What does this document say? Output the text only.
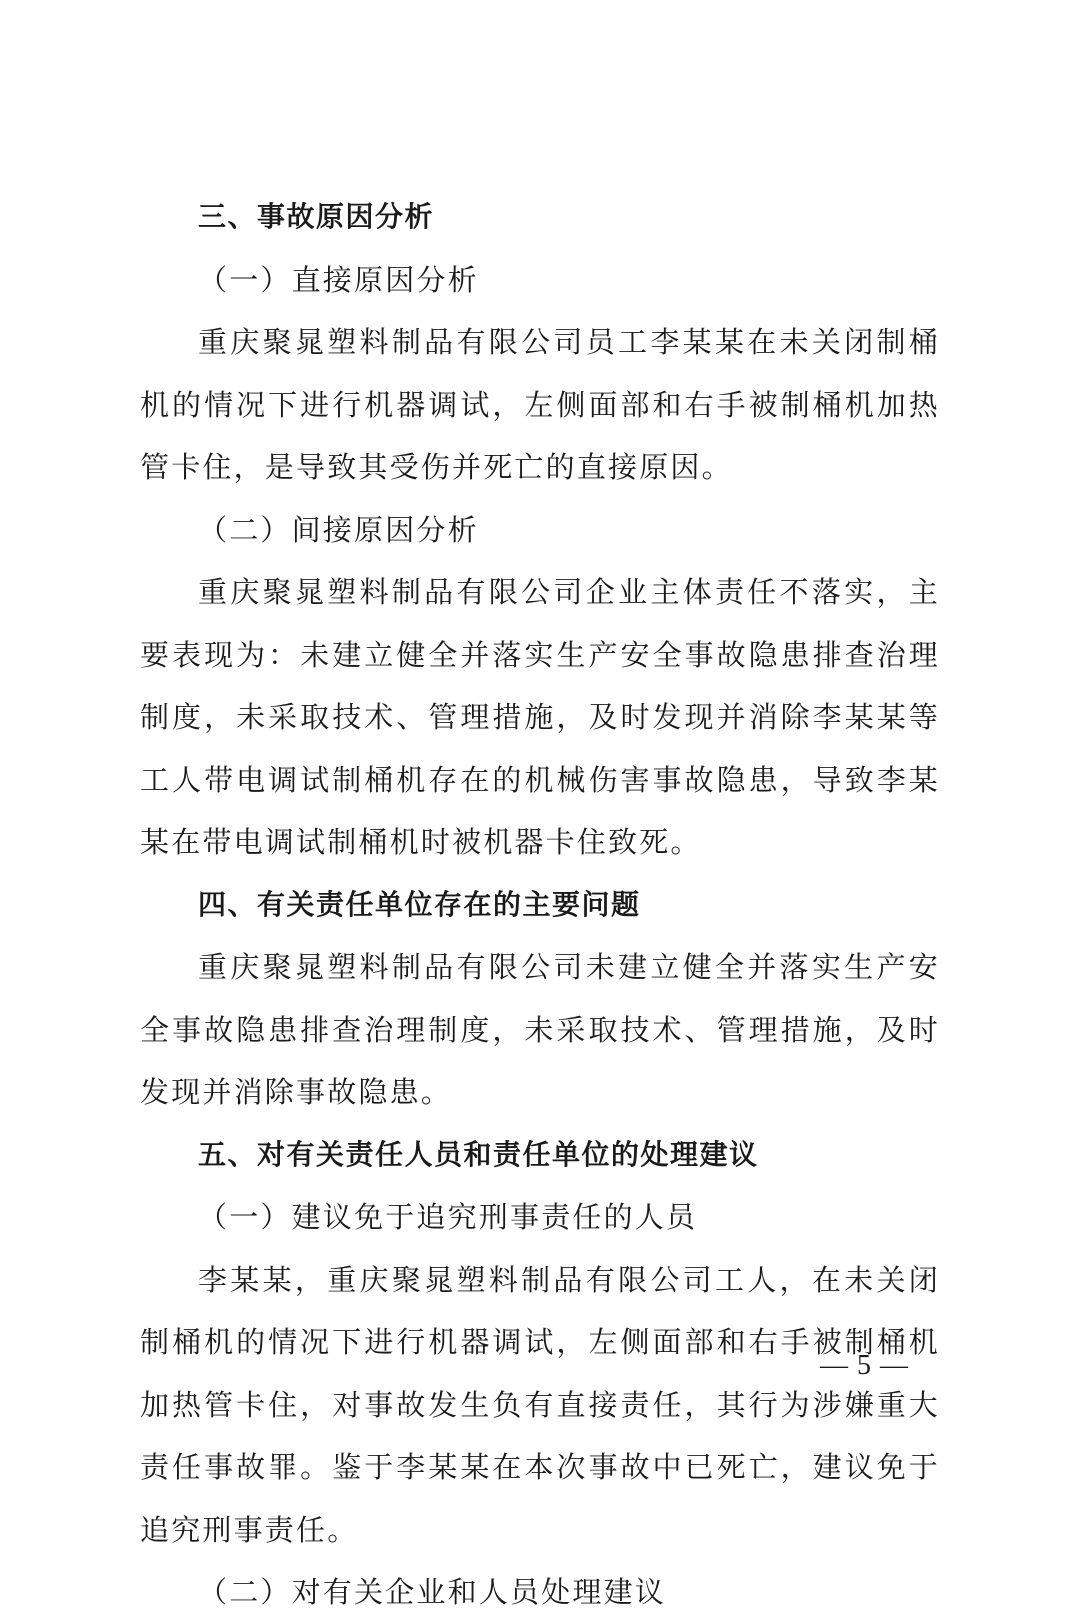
三、事故原因分析

（一）直接原因分析

重庆聚晁塑料制品有限公司员工李某某在未关闭制桶机的情况下进行机器调试，左侧面部和右手被制桶机加热管卡住，是导致其受伤并死亡的直接原因。

（二）间接原因分析

重庆聚晁塑料制品有限公司企业主体责任不落实，主要表现为：未建立健全并落实生产安全事故隐患排查治理制度，未采取技术、管理措施，及时发现并消除李某某等工人带电调试制桶机存在的机械伤害事故隐患，导致李某某在带电调试制桶机时被机器卡住致死。

四、有关责任单位存在的主要问题

重庆聚晁塑料制品有限公司未建立健全并落实生产安全事故隐患排查治理制度，未采取技术、管理措施，及时发现并消除事故隐患。

五、对有关责任人员和责任单位的处理建议

（一）建议免于追究刑事责任的人员

李某某，重庆聚晁塑料制品有限公司工人，在未关闭制桶机的情况下进行机器调试，左侧面部和右手被制桶机加热管卡住，对事故发生负有直接责任，其行为涉嫌重大责任事故罪。鉴于李某某在本次事故中已死亡，建议免于追究刑事责任。

（二）对有关企业和人员处理建议

— 5 —
